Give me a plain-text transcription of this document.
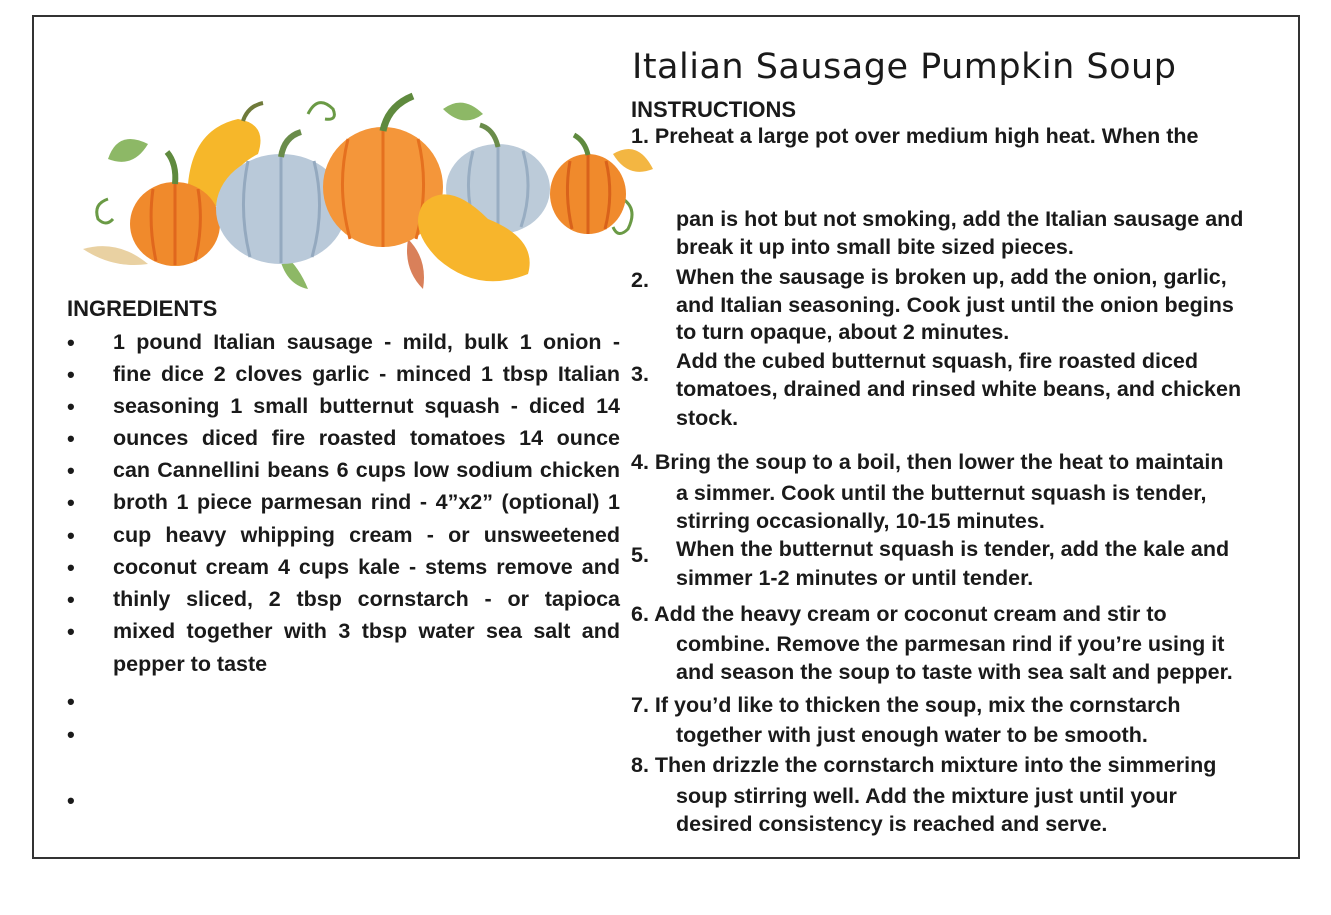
Italian Sausage Pumpkin Soup
INSTRUCTIONS
INGREDIENTS
• 1 pound Italian sausage - mild, bulk 1 onion -
• fine dice 2 cloves garlic - minced 1 tbsp Italian
• seasoning 1 small butternut squash - diced 14
• ounces diced fire roasted tomatoes 14 ounce
• can Cannellini beans 6 cups low sodium chicken
• broth 1 piece parmesan rind - 4”x2” (optional) 1
• cup heavy whipping cream - or unsweetened
• coconut cream 4 cups kale - stems remove and
• thinly sliced, 2 tbsp cornstarch - or tapioca
• mixed together with 3 tbsp water sea salt and
pepper to taste
•
•
•
1. Preheat a large pot over medium high heat. When the
pan is hot but not smoking, add the Italian sausage and
break it up into small bite sized pieces.
2. When the sausage is broken up, add the onion, garlic,
and Italian seasoning. Cook just until the onion begins
to turn opaque, about 2 minutes.
3.
Add the cubed butternut squash, fire roasted diced
tomatoes, drained and rinsed white beans, and chicken
stock.
4. Bring the soup to a boil, then lower the heat to maintain
a simmer. Cook until the butternut squash is tender,
stirring occasionally, 10-15 minutes.
5. When the butternut squash is tender, add the kale and
simmer 1-2 minutes or until tender.
6. Add the heavy cream or coconut cream and stir to
combine. Remove the parmesan rind if you’re using it
and season the soup to taste with sea salt and pepper.
7. If you’d like to thicken the soup, mix the cornstarch
together with just enough water to be smooth.
8. Then drizzle the cornstarch mixture into the simmering
soup stirring well. Add the mixture just until your
desired consistency is reached and serve.
